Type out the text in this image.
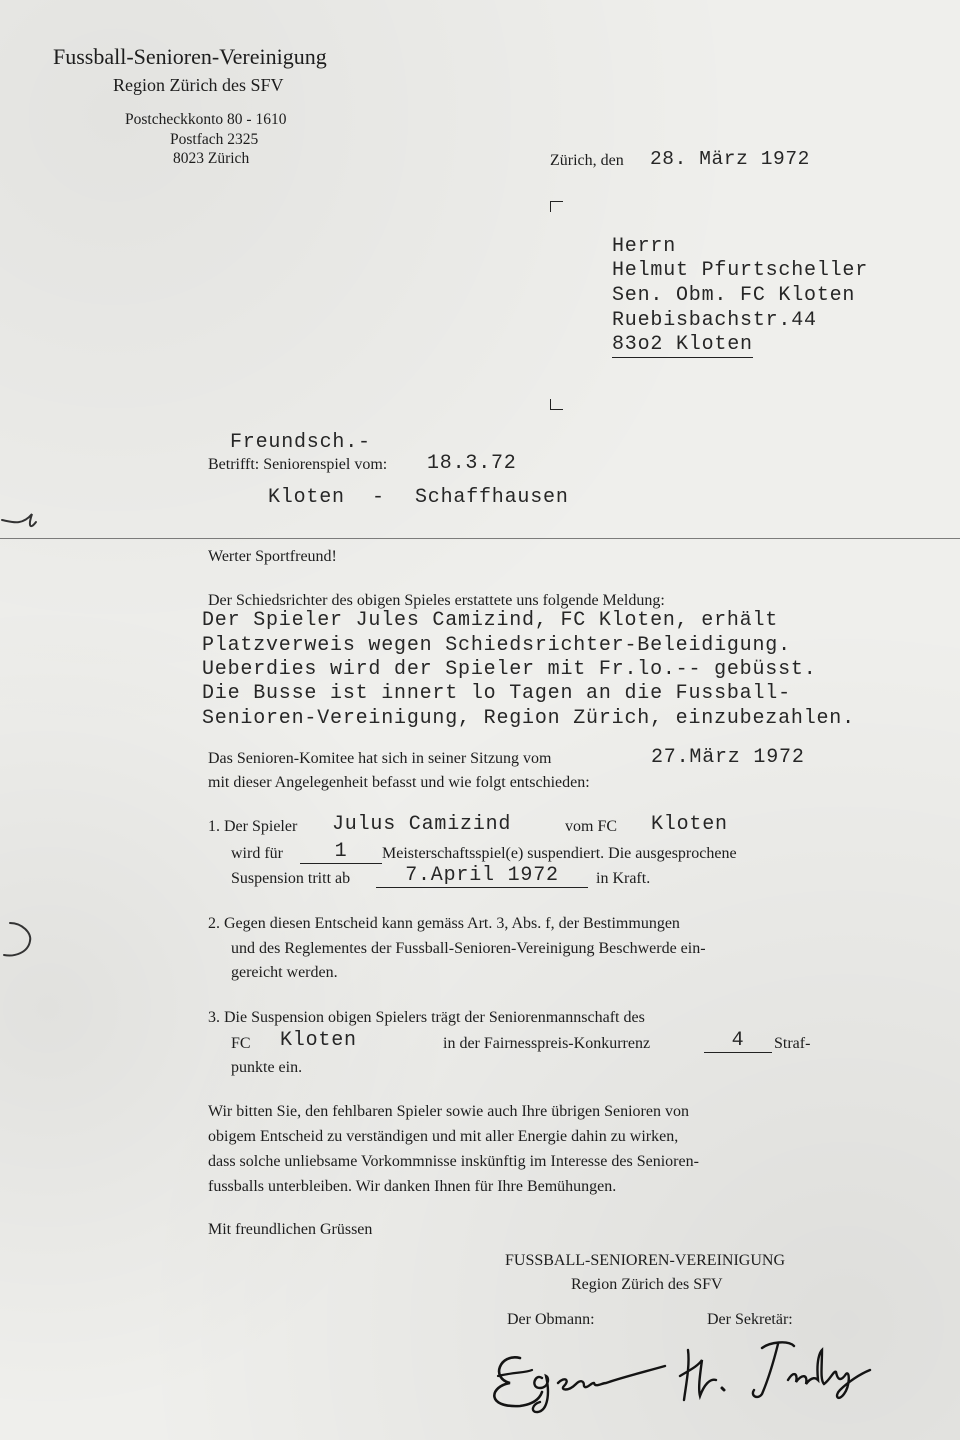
Fussball-Senioren-Vereinigung
Region Zürich des SFV
Postcheckkonto 80 - 1610
Postfach 2325
8023 Zürich	Zürich, den 28. März 1972
Herrn
Helmut Pfurtscheller
Sen. Obm. FC Kloten
Ruebisbachstr.44
83o2 Kloten
Freundsch.-
Betrifft: Seniorenspiel vom: 18.3.72
Kloten - Schaffhausen
Werter Sportfreund!
Der Schiedsrichter des obigen Spieles erstattete uns folgende Meldung:
Der Spieler Jules Camizind, FC Kloten, erhält
Platzverweis wegen Schiedsrichter-Beleidigung.
Ueberdies wird der Spieler mit Fr.lo.-- gebüsst.
Die Busse ist innert lo Tagen an die Fussball-
Senioren-Vereinigung, Region Zürich, einzubezahlen.
Das Senioren-Komitee hat sich in seiner Sitzung vom	27.März 1972
mit dieser Angelegenheit befasst und wie folgt entschieden:
1. Der Spieler Julus Camizind	vom FC Kloten
wird für	1	Meisterschaftsspiel(e) suspendiert. Die ausgesprochene
Suspension tritt ab	7.April 1972	in Kraft.
2. Gegen diesen Entscheid kann gemäss Art. 3, Abs. f, der Bestimmungen
und des Reglementes der Fussball-Senioren-Vereinigung Beschwerde ein-
gereicht werden.
3. Die Suspension obigen Spielers trägt der Seniorenmannschaft des
FC Kloten	in der Fairnesspreis-Konkurrenz	4	Straf-
punkte ein.
Wir bitten Sie, den fehlbaren Spieler sowie auch Ihre übrigen Senioren von
obigem Entscheid zu verständigen und mit aller Energie dahin zu wirken,
dass solche unliebsame Vorkommnisse inskünftig im Interesse des Senioren-
fussballs unterbleiben. Wir danken Ihnen für Ihre Bemühungen.
Mit freundlichen Grüssen
FUSSBALL-SENIOREN-VEREINIGUNG
Region Zürich des SFV
Der Obmann:	Der Sekretär:
